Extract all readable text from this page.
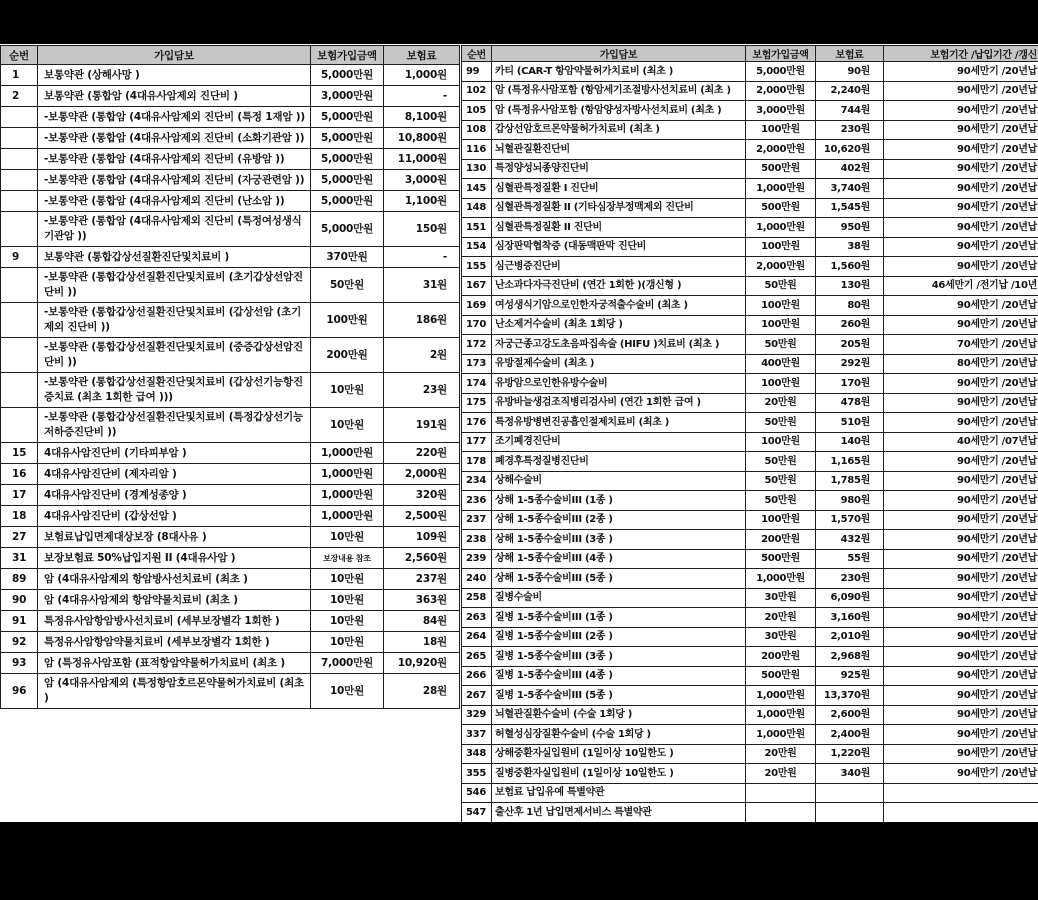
순번	가입담보	보험가입금액	보험료
1	보통약관 (상해사망 )	5,000만원	1,000원
2	보통약관 (통합암 (4대유사암제외 진단비 )	3,000만원	-
	-보통약관 (통합암 (4대유사암제외 진단비 (특정 1재암 ))	5,000만원	8,100원
	-보통약관 (통합암 (4대유사암제외 진단비 (소화기관암 ))	5,000만원	10,800원
	-보통약관 (통합암 (4대유사암제외 진단비 (유방암 ))	5,000만원	11,000원
	-보통약관 (통합암 (4대유사암제외 진단비 (자궁관련암 ))	5,000만원	3,000원
	-보통약관 (통합암 (4대유사암제외 진단비 (난소암 ))	5,000만원	1,100원
	-보통약관 (통합암 (4대유사암제외 진단비 (특정여성생식기관암 ))	5,000만원	150원
9	보통약관 (통합갑상선질환진단및치료비 )	370만원	-
	-보통약관 (통합갑상선질환진단및치료비 (초기갑상선암진단비 ))	50만원	31원
	-보통약관 (통합갑상선질환진단및치료비 (갑상선암 (초기제외 진단비 ))	100만원	186원
	-보통약관 (통합갑상선질환진단및치료비 (중증갑상선암진단비 ))	200만원	2원
	-보통약관 (통합갑상선질환진단및치료비 (갑상선기능항진증치료 (최초 1회한 급여 )))	10만원	23원
	-보통약관 (통합갑상선질환진단및치료비 (특정갑상선기능저하증진단비 ))	10만원	191원
15	4대유사암진단비 (기타피부암 )	1,000만원	220원
16	4대유사암진단비 (제자리암 )	1,000만원	2,000원
17	4대유사암진단비 (경계성종양 )	1,000만원	320원
18	4대유사암진단비 (갑상선암 )	1,000만원	2,500원
27	보험료납입면제대상보장 (8대사유 )	10만원	109원
31	보장보험료 50%납입지원 II (4대유사암 )	보장내용 참조	2,560원
89	암 (4대유사암제외 항암방사선치료비 (최초 )	10만원	237원
90	암 (4대유사암제외 항암약물치료비 (최초 )	10만원	363원
91	특정유사암항암방사선치료비 (세부보장별각 1회한 )	10만원	84원
92	특정유사암항암약물치료비 (세부보장별각 1회한 )	10만원	18원
93	암 (특정유사암포함 (표적항암약물허가치료비 (최초 )	7,000만원	10,920원
96	암 (4대유사암제외 (특정항암호르몬약물허가치료비 (최초 )	10만원	28원
순번	가입담보	보험가입금액	보험료	보험기간 /납입기간 /갱신
99	카티 (CAR-T 항암약물허가치료비 (최초 )	5,000만원	90원	90세만기 /20년납
102	암 (특정유사암포함 (항암세기조절방사선치료비 (최초 )	2,000만원	2,240원	90세만기 /20년납
105	암 (특정유사암포함 (항암양성자방사선치료비 (최초 )	3,000만원	744원	90세만기 /20년납
108	갑상선암호르몬약물허가치료비 (최초 )	100만원	230원	90세만기 /20년납
116	뇌혈관질환진단비	2,000만원	10,620원	90세만기 /20년납
130	특정양성뇌종양진단비	500만원	402원	90세만기 /20년납
145	심혈관특정질환 I 진단비	1,000만원	3,740원	90세만기 /20년납
148	심혈관특정질환 II (기타심장부정맥제외 진단비	500만원	1,545원	90세만기 /20년납
151	심혈관특정질환 II 진단비	1,000만원	950원	90세만기 /20년납
154	심장판막협착증 (대동맥판막 진단비	100만원	38원	90세만기 /20년납
155	심근병증진단비	2,000만원	1,560원	90세만기 /20년납
167	난소과다자극진단비 (연간 1회한 )(갱신형 )	50만원	130원	46세만기 /전기납 /10년
169	여성생식기암으로인한자궁적출수술비 (최초 )	100만원	80원	90세만기 /20년납
170	난소제거수술비 (최초 1회당 )	100만원	260원	90세만기 /20년납
172	자궁근종고강도초음파집속술 (HIFU )치료비 (최초 )	50만원	205원	70세만기 /20년납
173	유방절제수술비 (최초 )	400만원	292원	80세만기 /20년납
174	유방암으로인한유방수술비	100만원	170원	90세만기 /20년납
175	유방바늘생검조직병리검사비 (연간 1회한 급여 )	20만원	478원	90세만기 /20년납
176	특정유방병변진공흡인절제치료비 (최초 )	50만원	510원	90세만기 /20년납
177	조기폐경진단비	100만원	140원	40세만기 /07년납
178	폐경후특정질병진단비	50만원	1,165원	90세만기 /20년납
234	상해수술비	50만원	1,785원	90세만기 /20년납
236	상해 1-5종수술비III (1종 )	50만원	980원	90세만기 /20년납
237	상해 1-5종수술비III (2종 )	100만원	1,570원	90세만기 /20년납
238	상해 1-5종수술비III (3종 )	200만원	432원	90세만기 /20년납
239	상해 1-5종수술비III (4종 )	500만원	55원	90세만기 /20년납
240	상해 1-5종수술비III (5종 )	1,000만원	230원	90세만기 /20년납
258	질병수술비	30만원	6,090원	90세만기 /20년납
263	질병 1-5종수술비III (1종 )	20만원	3,160원	90세만기 /20년납
264	질병 1-5종수술비III (2종 )	30만원	2,010원	90세만기 /20년납
265	질병 1-5종수술비III (3종 )	200만원	2,968원	90세만기 /20년납
266	질병 1-5종수술비III (4종 )	500만원	925원	90세만기 /20년납
267	질병 1-5종수술비III (5종 )	1,000만원	13,370원	90세만기 /20년납
329	뇌혈관질환수술비 (수술 1회당 )	1,000만원	2,600원	90세만기 /20년납
337	허혈성심장질환수술비 (수술 1회당 )	1,000만원	2,400원	90세만기 /20년납
348	상해중환자실입원비 (1일이상 10일한도 )	20만원	1,220원	90세만기 /20년납
355	질병중환자실입원비 (1일이상 10일한도 )	20만원	340원	90세만기 /20년납
546	보험료 납입유예 특별약관			
547	출산후 1년 납입면제서비스 특별약관			
